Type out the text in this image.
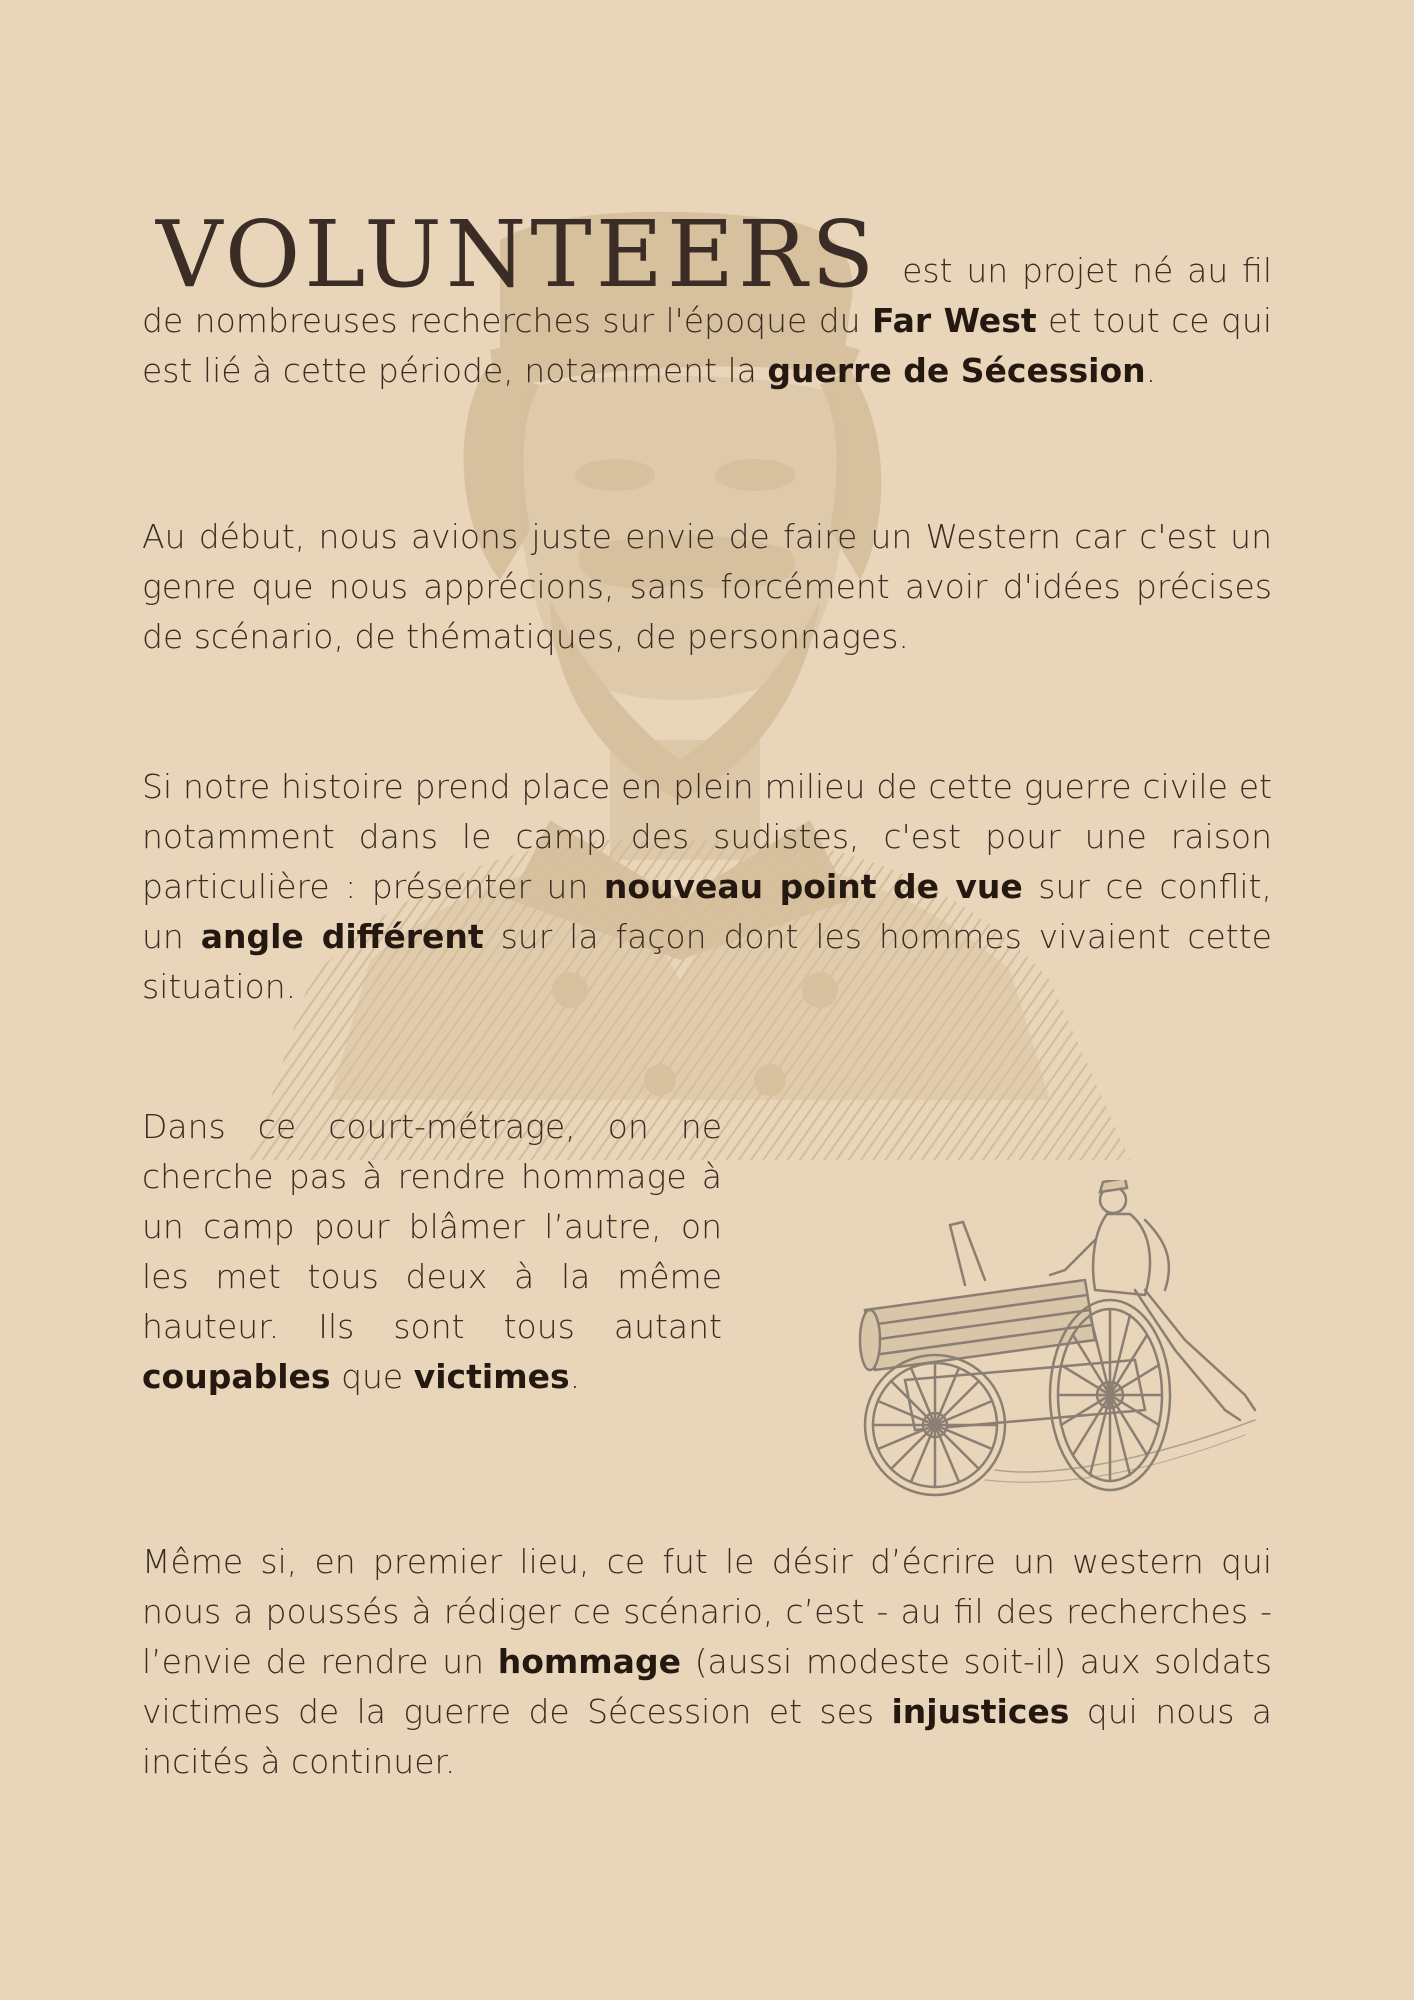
VOLUNTEERS est un projet né au fil de nombreuses recherches sur l'époque du Far West et tout ce qui est lié à cette période, notamment la guerre de Sécession.
Au début, nous avions juste envie de faire un Western car c'est un genre que nous apprécions, sans forcément avoir d'idées précises de scénario, de thématiques, de personnages.
Si notre histoire prend place en plein milieu de cette guerre civile et notamment dans le camp des sudistes, c'est pour une raison particulière : présenter un nouveau point de vue sur ce conflit, un angle différent sur la façon dont les hommes vivaient cette situation.
Dans ce court-métrage, on ne cherche pas à rendre hommage à un camp pour blâmer l’autre, on les met tous deux à la même hauteur. Ils sont tous autant coupables que victimes.
Même si, en premier lieu, ce fut le désir d’écrire un western qui nous a poussés à rédiger ce scénario, c’est - au fil des recherches - l’envie de rendre un hommage (aussi modeste soit-il) aux soldats victimes de la guerre de Sécession et ses injustices qui nous a incités à continuer.
